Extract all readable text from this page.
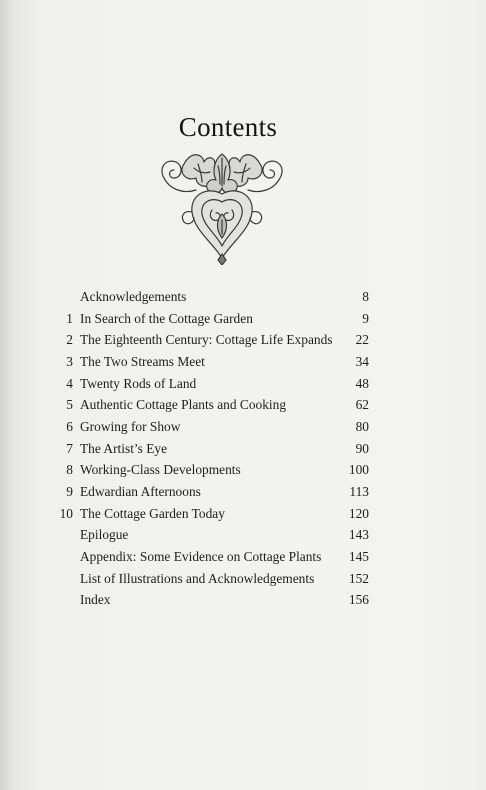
Contents
Acknowledgements	8
1 In Search of the Cottage Garden	9
2 The Eighteenth Century: Cottage Life Expands 22
3 The Two Streams Meet	34
4 Twenty Rods of Land	48
5 Authentic Cottage Plants and Cooking	62
6 Growing for Show	80
7 The Artist’s Eye	90
8 Working-Class Developments	100
9 Edwardian Afternoons	113
10 The Cottage Garden Today	120
Epilogue	143
Appendix: Some Evidence on Cottage Plants 145
List of Illustrations and Acknowledgements	152
Index	156
